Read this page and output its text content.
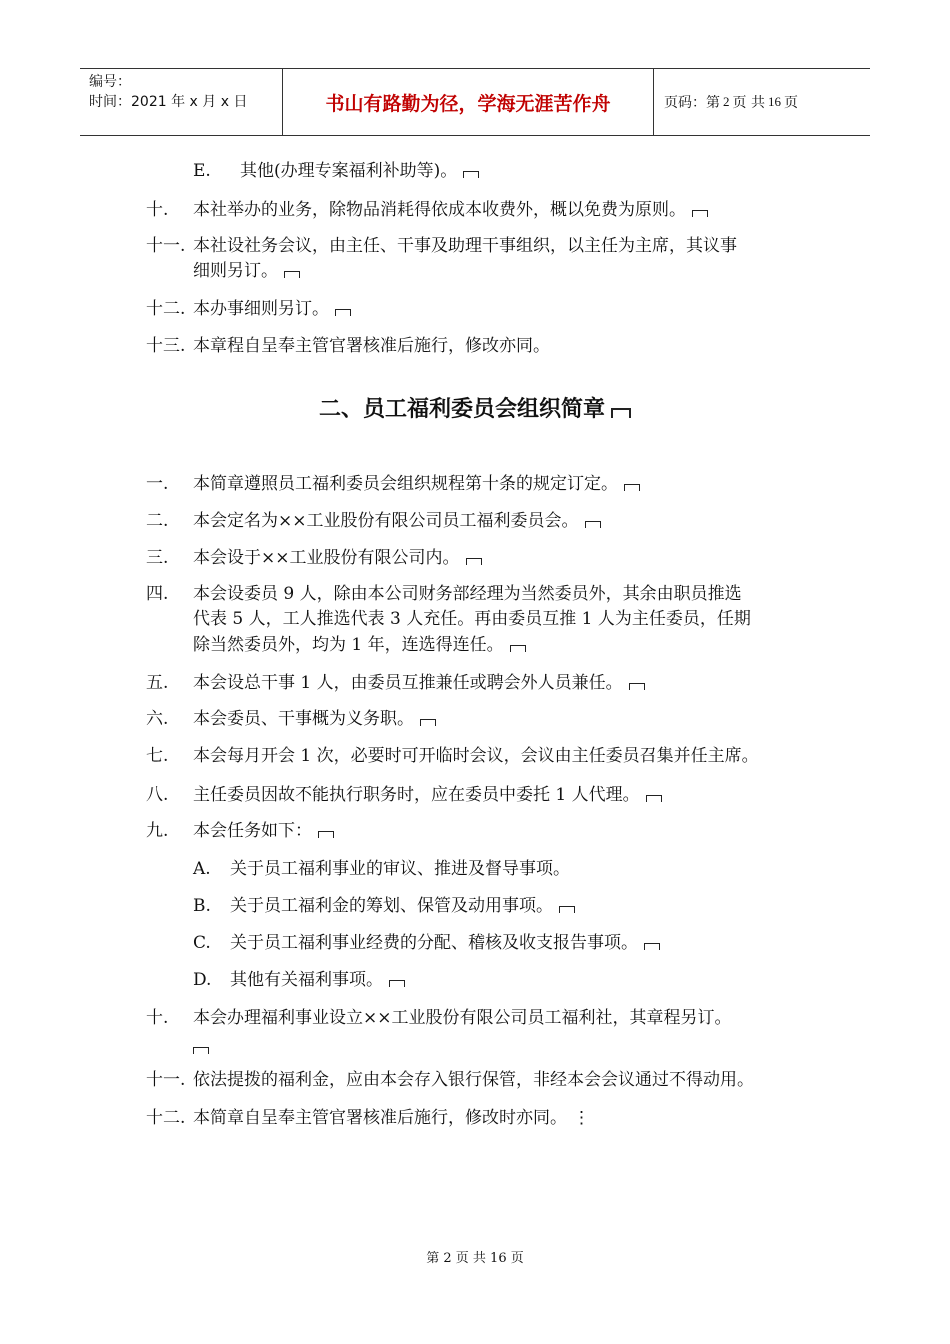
编号：
时间：2021 年 x 月 x 日	书山有路勤为径，学海无涯苦作舟	页码：第 2 页 共 16 页
E. 其他(办理专案福利补助等)。
十. 本社举办的业务，除物品消耗得依成本收费外，概以免费为原则。
十一. 本社设社务会议，由主任、干事及助理干事组织，以主任为主席，其议事
细则另订。
十二. 本办事细则另订。
十三. 本章程自呈奉主管官署核准后施行，修改亦同。
二、员工福利委员会组织简章
一. 本简章遵照员工福利委员会组织规程第十条的规定订定。
二. 本会定名为××工业股份有限公司员工福利委员会。
三. 本会设于××工业股份有限公司内。
四. 本会设委员 9 人，除由本公司财务部经理为当然委员外，其余由职员推选
代表 5 人，工人推选代表 3 人充任。再由委员互推 1 人为主任委员，任期
除当然委员外，均为 1 年，连选得连任。
五. 本会设总干事 1 人，由委员互推兼任或聘会外人员兼任。
六. 本会委员、干事概为义务职。
七. 本会每月开会 1 次，必要时可开临时会议，会议由主任委员召集并任主席。
八. 主任委员因故不能执行职务时，应在委员中委托 1 人代理。
九. 本会任务如下：
A. 关于员工福利事业的审议、推进及督导事项。
B. 关于员工福利金的筹划、保管及动用事项。
C. 关于员工福利事业经费的分配、稽核及收支报告事项。
D. 其他有关福利事项。
十. 本会办理福利事业设立××工业股份有限公司员工福利社，其章程另订。
十一. 依法提拨的福利金，应由本会存入银行保管，非经本会会议通过不得动用。
十二. 本简章自呈奉主管官署核准后施行，修改时亦同。 ⋮
第 2 页 共 16 页
